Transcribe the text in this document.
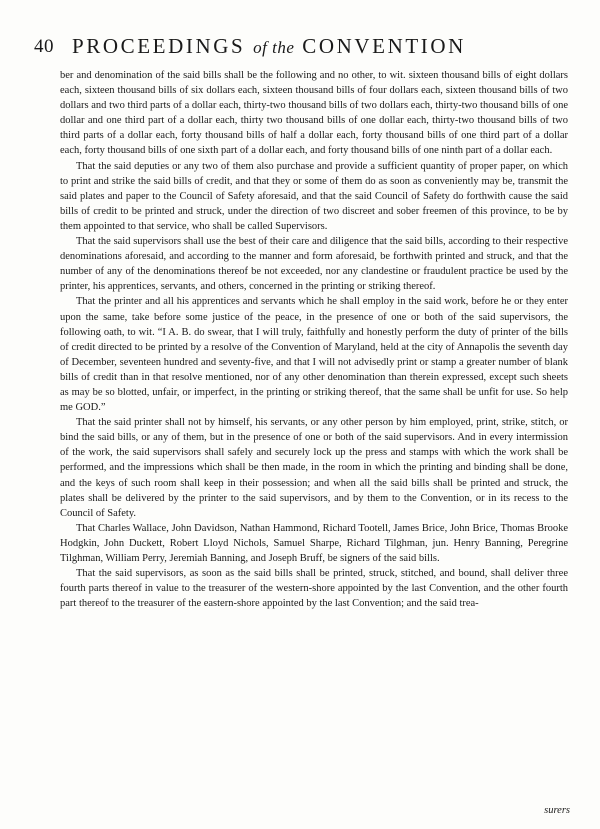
40 PROCEEDINGS of the CONVENTION

ber and denomination of the said bills shall be the following and no other, to wit. sixteen thousand bills of eight dollars each, sixteen thousand bills of six dollars each, sixteen thousand bills of four dollars each, sixteen thousand bills of two dollars and two third parts of a dollar each, thirty-two thousand bills of two dollars each, thirty-two thousand bills of one dollar and one third part of a dollar each, thirty two thousand bills of one dollar each, thirty-two thousand bills of two third parts of a dollar each, forty thousand bills of half a dollar each, forty thousand bills of one third part of a dollar each, forty thousand bills of one sixth part of a dollar each, and forty thousand bills of one ninth part of a dollar each.

That the said deputies or any two of them also purchase and provide a sufficient quantity of proper paper, on which to print and strike the said bills of credit, and that they or some of them do as soon as conveniently may be, transmit the said plates and paper to the Council of Safety aforesaid, and that the said Council of Safety do forthwith cause the said bills of credit to be printed and struck, under the direction of two discreet and sober freemen of this province, to be by them appointed to that service, who shall be called Supervisors.

That the said supervisors shall use the best of their care and diligence that the said bills, according to their respective denominations aforesaid, and according to the manner and form aforesaid, be forthwith printed and struck, and that the number of any of the denominations thereof be not exceeded, nor any clandestine or fraudulent practice be used by the printer, his apprentices, servants, and others, concerned in the printing or striking thereof.

That the printer and all his apprentices and servants which he shall employ in the said work, before he or they enter upon the same, take before some justice of the peace, in the presence of one or both of the said supervisors, the following oath, to wit. “I A. B. do swear, that I will truly, faithfully and honestly perform the duty of printer of the bills of credit directed to be printed by a resolve of the Convention of Maryland, held at the city of Annapolis the seventh day of December, seventeen hundred and seventy-five, and that I will not advisedly print or stamp a greater number of blank bills of credit than in that resolve mentioned, nor of any other denomination than therein expressed, except such sheets as may be so blotted, unfair, or imperfect, in the printing or striking thereof, that the same shall be unfit for use. So help me GOD.”

That the said printer shall not by himself, his servants, or any other person by him employed, print, strike, stitch, or bind the said bills, or any of them, but in the presence of one or both of the said supervisors. And in every intermission of the work, the said supervisors shall safely and securely lock up the press and stamps with which the work shall be performed, and the impressions which shall be then made, in the room in which the printing and binding shall be done, and the keys of such room shall keep in their possession; and when all the said bills shall be printed and struck, the plates shall be delivered by the printer to the said supervisors, and by them to the Convention, or in its recess to the Council of Safety.

That Charles Wallace, John Davidson, Nathan Hammond, Richard Tootell, James Brice, John Brice, Thomas Brooke Hodgkin, John Duckett, Robert Lloyd Nichols, Samuel Sharpe, Richard Tilghman, jun. Henry Banning, Peregrine Tilghman, William Perry, Jeremiah Banning, and Joseph Bruff, be signers of the said bills.

That the said supervisors, as soon as the said bills shall be printed, struck, stitched, and bound, shall deliver three fourth parts thereof in value to the treasurer of the western-shore appointed by the last Convention, and the other fourth part thereof to the treasurer of the eastern-shore appointed by the last Convention; and the said trea-

surers
